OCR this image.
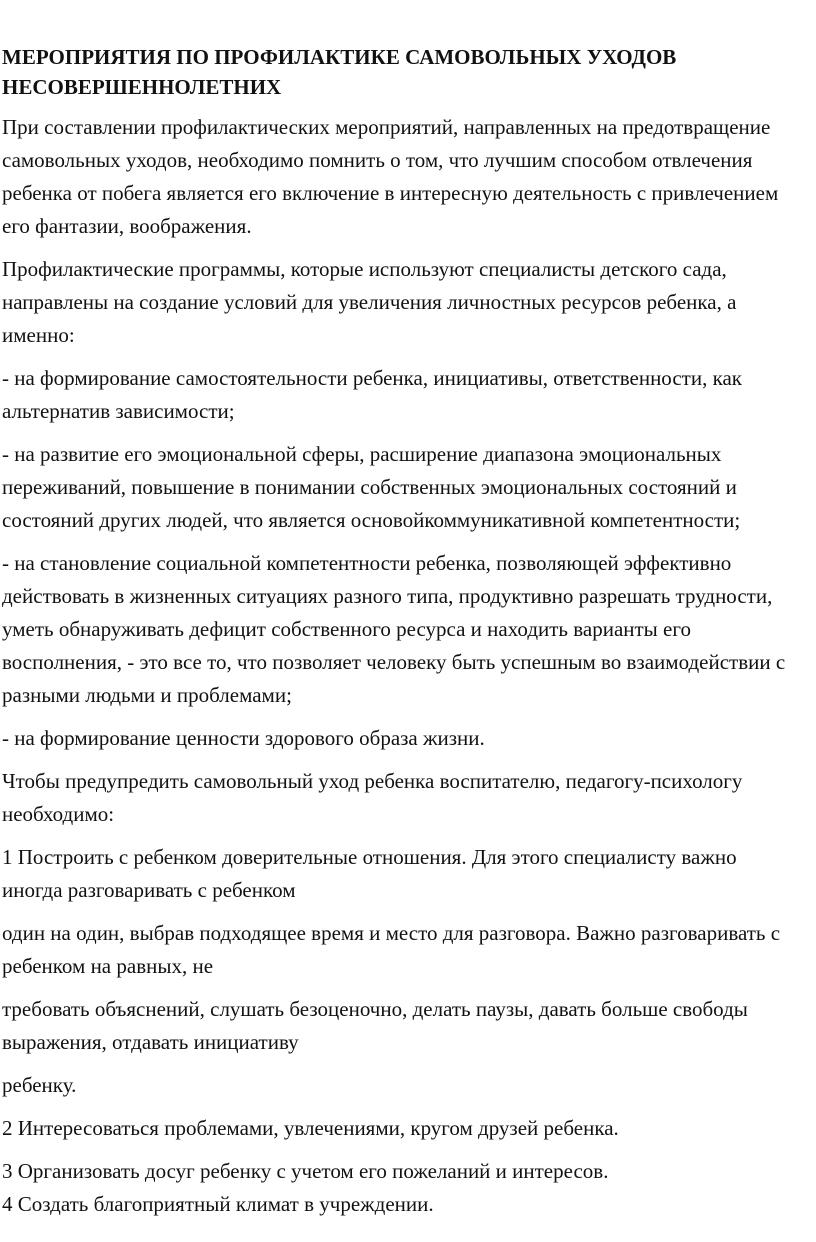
МЕРОПРИЯТИЯ ПО ПРОФИЛАКТИКЕ САМОВОЛЬНЫХ УХОДОВ НЕСОВЕРШЕННОЛЕТНИХ
При составлении профилактических мероприятий, направленных на предотвращение самовольных уходов, необходимо помнить о том, что лучшим способом отвлечения ребенка от побега является его включение в интересную деятельность с привлечением его фантазии, воображения.
Профилактические программы, которые используют специалисты детского сада, направлены на создание условий для увеличения личностных ресурсов ребенка, а именно:
- на формирование самостоятельности ребенка, инициативы, ответственности, как альтернатив зависимости;
- на развитие его эмоциональной сферы, расширение диапазона эмоциональных переживаний, повышение в понимании собственных эмоциональных состояний и состояний других людей, что является основойкоммуникативной компетентности;
- на становление социальной компетентности ребенка, позволяющей эффективно действовать в жизненных ситуациях разного типа, продуктивно разрешать трудности, уметь обнаруживать дефицит собственного ресурса и находить варианты его восполнения, - это все то, что позволяет человеку быть успешным во взаимодействии с разными людьми и проблемами;
- на формирование ценности здорового образа жизни.
Чтобы предупредить самовольный уход ребенка воспитателю, педагогу-психологу необходимо:
1 Построить с ребенком доверительные отношения. Для этого специалисту важно иногда разговаривать с ребенком
один на один, выбрав подходящее время и место для разговора. Важно разговаривать с ребенком на равных, не
требовать объяснений, слушать безоценочно, делать паузы, давать больше свободы выражения, отдавать инициативу
ребенку.
2 Интересоваться проблемами, увлечениями, кругом друзей ребенка.
3 Организовать досуг ребенку с учетом его пожеланий и интересов.
4 Создать благоприятный климат в учреждении.
